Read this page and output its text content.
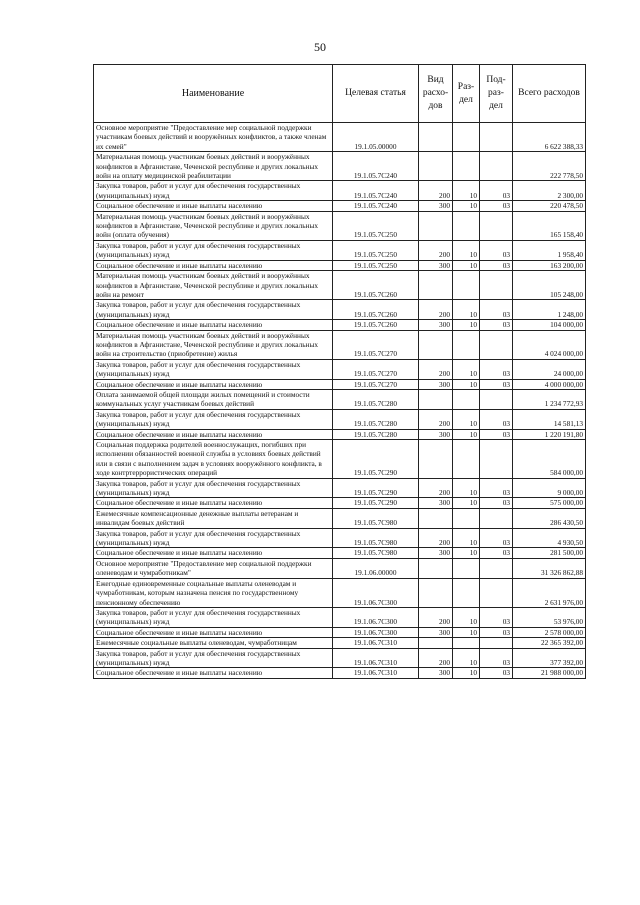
50
Наименование	Целевая статья	Вид расхо-дов	Раз-дел	Под-раз-дел	Всего расходов
Основное мероприятие "Предоставление мер социальной поддержки участникам боевых действий и вооружённых конфликтов, а также членам их семей"	19.1.05.00000				6 622 388,33
Материальная помощь участникам боевых действий и вооружённых конфликтов в Афганистане, Чеченской республике и других локальных войн на оплату медицинской реабилитации	19.1.05.7С240				222 778,50
Закупка товаров, работ и услуг для обеспечения государственных (муниципальных) нужд	19.1.05.7С240	200	10	03	2 300,00
Социальное обеспечение и иные выплаты населению	19.1.05.7С240	300	10	03	220 478,50
Материальная помощь участникам боевых действий и вооружённых конфликтов в Афганистане, Чеченской республике и других локальных войн (оплата обучения)	19.1.05.7С250				165 158,40
Закупка товаров, работ и услуг для обеспечения государственных (муниципальных) нужд	19.1.05.7С250	200	10	03	1 958,40
Социальное обеспечение и иные выплаты населению	19.1.05.7С250	300	10	03	163 200,00
Материальная помощь участникам боевых действий и вооружённых конфликтов в Афганистане, Чеченской республике и других локальных войн на ремонт	19.1.05.7С260				105 248,00
Закупка товаров, работ и услуг для обеспечения государственных (муниципальных) нужд	19.1.05.7С260	200	10	03	1 248,00
Социальное обеспечение и иные выплаты населению	19.1.05.7С260	300	10	03	104 000,00
Материальная помощь участникам боевых действий и вооружённых конфликтов в Афганистане, Чеченской республике и других локальных войн на строительство (приобретение) жилья	19.1.05.7С270				4 024 000,00
Закупка товаров, работ и услуг для обеспечения государственных (муниципальных) нужд	19.1.05.7С270	200	10	03	24 000,00
Социальное обеспечение и иные выплаты населению	19.1.05.7С270	300	10	03	4 000 000,00
Оплата занимаемой общей площади жилых помещений и стоимости коммунальных услуг участникам боевых действий	19.1.05.7С280				1 234 772,93
Закупка товаров, работ и услуг для обеспечения государственных (муниципальных) нужд	19.1.05.7С280	200	10	03	14 581,13
Социальное обеспечение и иные выплаты населению	19.1.05.7С280	300	10	03	1 220 191,80
Социальная поддержка родителей военнослужащих, погибших при исполнении обязанностей военной службы в условиях боевых действий или в связи с выполнением задач в условиях вооружённого конфликта, в ходе контртеррористических операций	19.1.05.7С290				584 000,00
Закупка товаров, работ и услуг для обеспечения государственных (муниципальных) нужд	19.1.05.7С290	200	10	03	9 000,00
Социальное обеспечение и иные выплаты населению	19.1.05.7С290	300	10	03	575 000,00
Ежемесячные компенсационные денежные выплаты ветеранам и инвалидам боевых действий	19.1.05.7С980				286 430,50
Закупка товаров, работ и услуг для обеспечения государственных (муниципальных) нужд	19.1.05.7С980	200	10	03	4 930,50
Социальное обеспечение и иные выплаты населению	19.1.05.7С980	300	10	03	281 500,00
Основное мероприятие "Предоставление мер социальной поддержки оленеводам и чумработникам"	19.1.06.00000				31 326 862,88
Ежегодные единовременные социальные выплаты оленеводам и чумработникам, которым назначена пенсия по государственному пенсионному обеспечению	19.1.06.7С300				2 631 976,00
Закупка товаров, работ и услуг для обеспечения государственных (муниципальных) нужд	19.1.06.7С300	200	10	03	53 976,00
Социальное обеспечение и иные выплаты населению	19.1.06.7С300	300	10	03	2 578 000,00
Ежемесячные социальные выплаты оленеводам, чумработницам	19.1.06.7С310				22 365 392,00
Закупка товаров, работ и услуг для обеспечения государственных (муниципальных) нужд	19.1.06.7С310	200	10	03	377 392,00
Социальное обеспечение и иные выплаты населению	19.1.06.7С310	300	10	03	21 988 000,00
